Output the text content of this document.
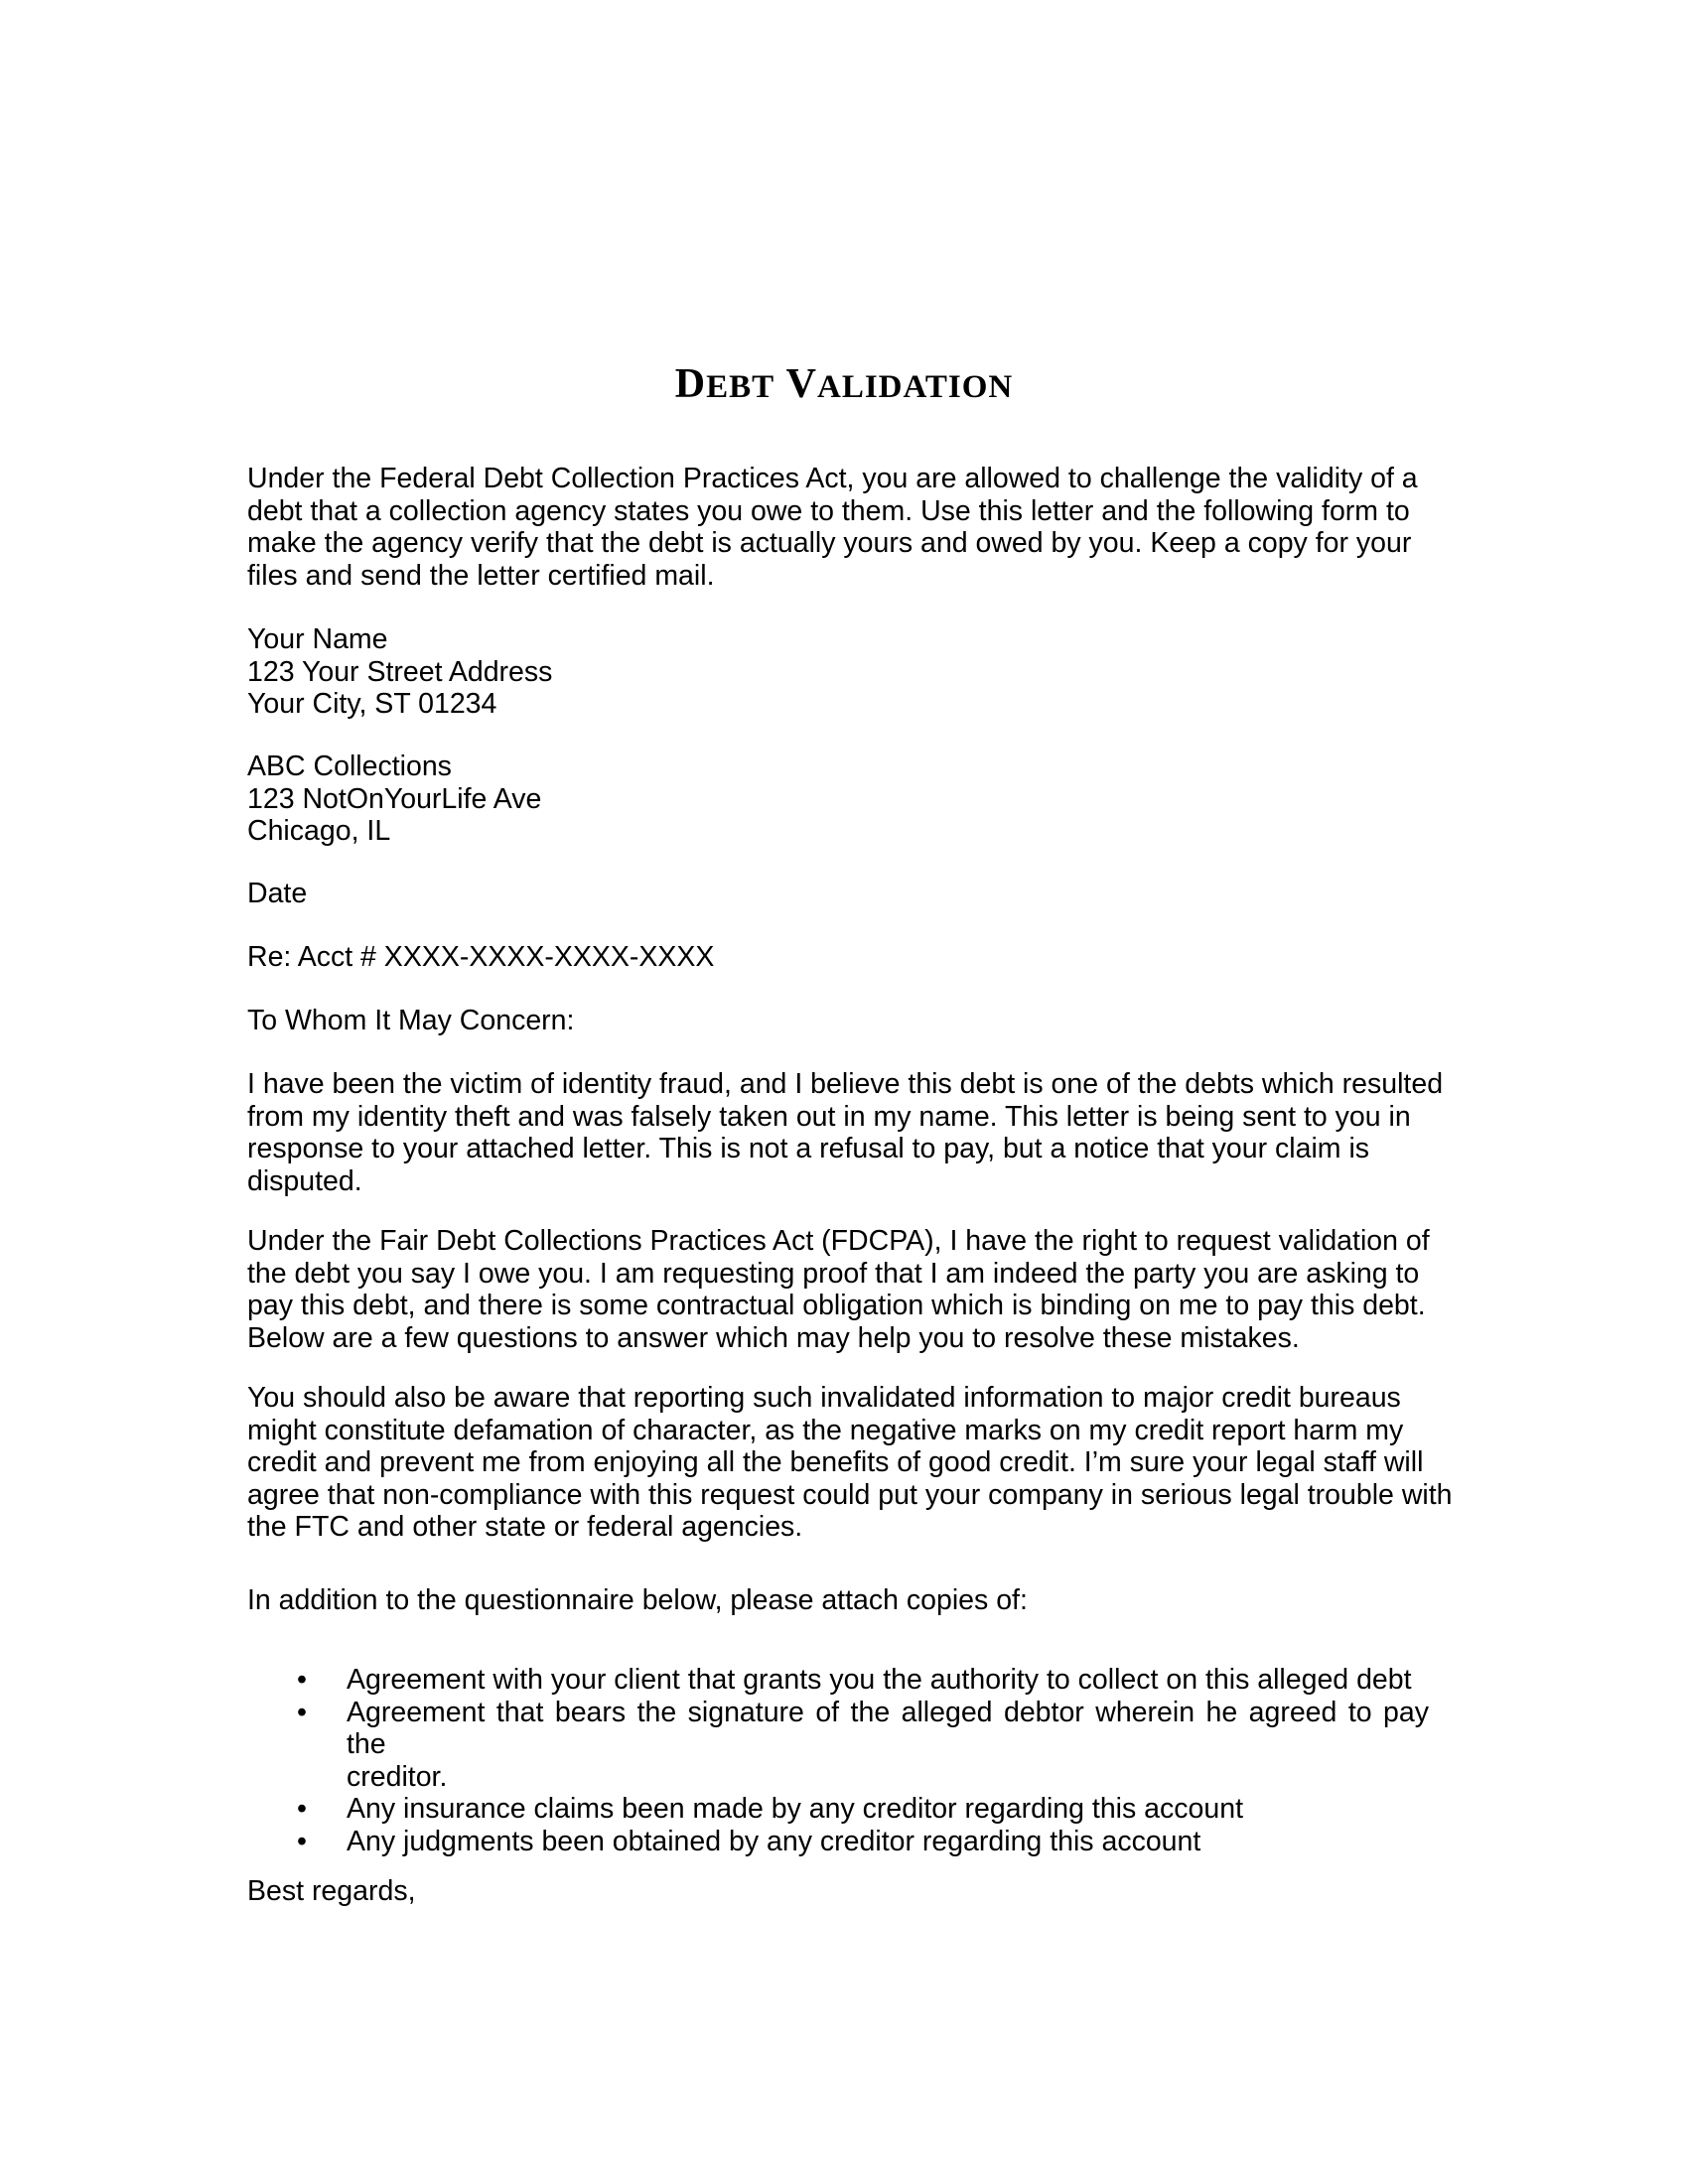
DEBT VALIDATION
Under the Federal Debt Collection Practices Act, you are allowed to challenge the validity of a
debt that a collection agency states you owe to them. Use this letter and the following form to
make the agency verify that the debt is actually yours and owed by you. Keep a copy for your
files and send the letter certified mail.
Your Name
123 Your Street Address
Your City, ST 01234
ABC Collections
123 NotOnYourLife Ave
Chicago, IL
Date
Re: Acct # XXXX-XXXX-XXXX-XXXX
To Whom It May Concern:
I have been the victim of identity fraud, and I believe this debt is one of the debts which resulted
from my identity theft and was falsely taken out in my name. This letter is being sent to you in
response to your attached letter. This is not a refusal to pay, but a notice that your claim is
disputed.
Under the Fair Debt Collections Practices Act (FDCPA), I have the right to request validation of
the debt you say I owe you. I am requesting proof that I am indeed the party you are asking to
pay this debt, and there is some contractual obligation which is binding on me to pay this debt.
Below are a few questions to answer which may help you to resolve these mistakes.
You should also be aware that reporting such invalidated information to major credit bureaus
might constitute defamation of character, as the negative marks on my credit report harm my
credit and prevent me from enjoying all the benefits of good credit. I’m sure your legal staff will
agree that non-compliance with this request could put your company in serious legal trouble with
the FTC and other state or federal agencies.
In addition to the questionnaire below, please attach copies of:
• Agreement with your client that grants you the authority to collect on this alleged debt
• Agreement that bears the signature of the alleged debtor wherein he agreed to pay the
creditor.
• Any insurance claims been made by any creditor regarding this account
• Any judgments been obtained by any creditor regarding this account
Best regards,
